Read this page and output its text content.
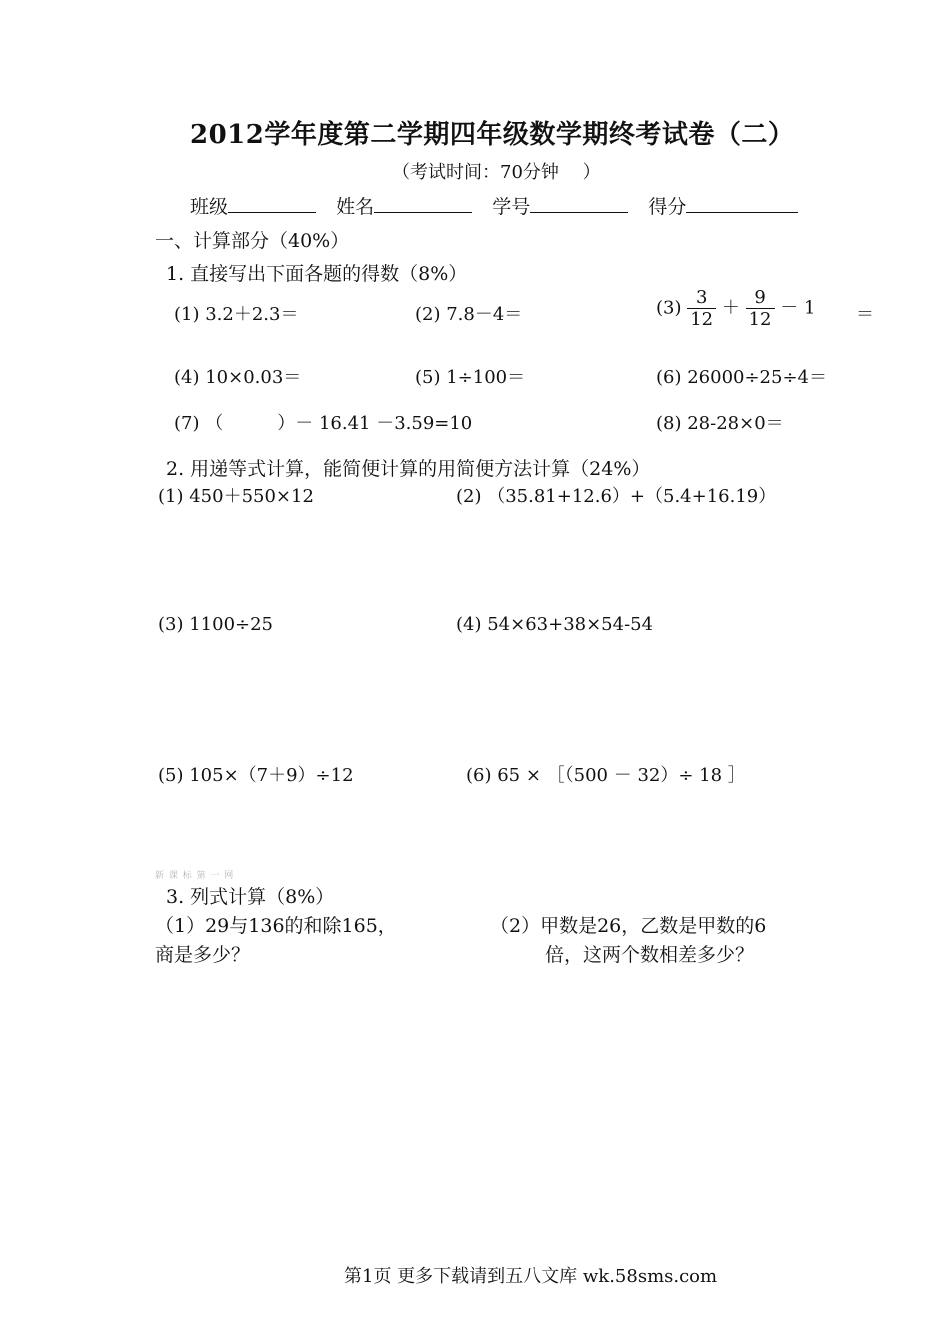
2012学年度第二学期四年级数学期终考试卷（二）
（考试时间：70分钟　 ）
班级	姓名	学号	得分
一、计算部分（40%）
1. 直接写出下面各题的得数（8%）
(1) 3.2＋2.3＝	(2) 7.8－4＝	$(3) \frac{3}{12} + \frac{9}{12} - 1$ ＝
(4) 10×0.03＝	(5) 1÷100＝	(6) 26000÷25÷4＝
(7) （　　　）－ 16.41 －3.59=10	(8) 28-28×0＝
2. 用递等式计算，能简便计算的用简便方法计算（24%）
(1) 450＋550×12	(2) （35.81+12.6）+（5.4+16.19）
(3) 1100÷25	(4) 54×63+38×54-54
(5) 105×（7＋9）÷12	(6) 65 × ［（500 － 32）÷ 18 ］
新 课 标 第 一 网
3. 列式计算（8%）
（1）29与136的和除165，
商是多少？
（2）甲数是26，乙数是甲数的6
倍，这两个数相差多少？
第1页 更多下载请到五八文库 wk.58sms.com
